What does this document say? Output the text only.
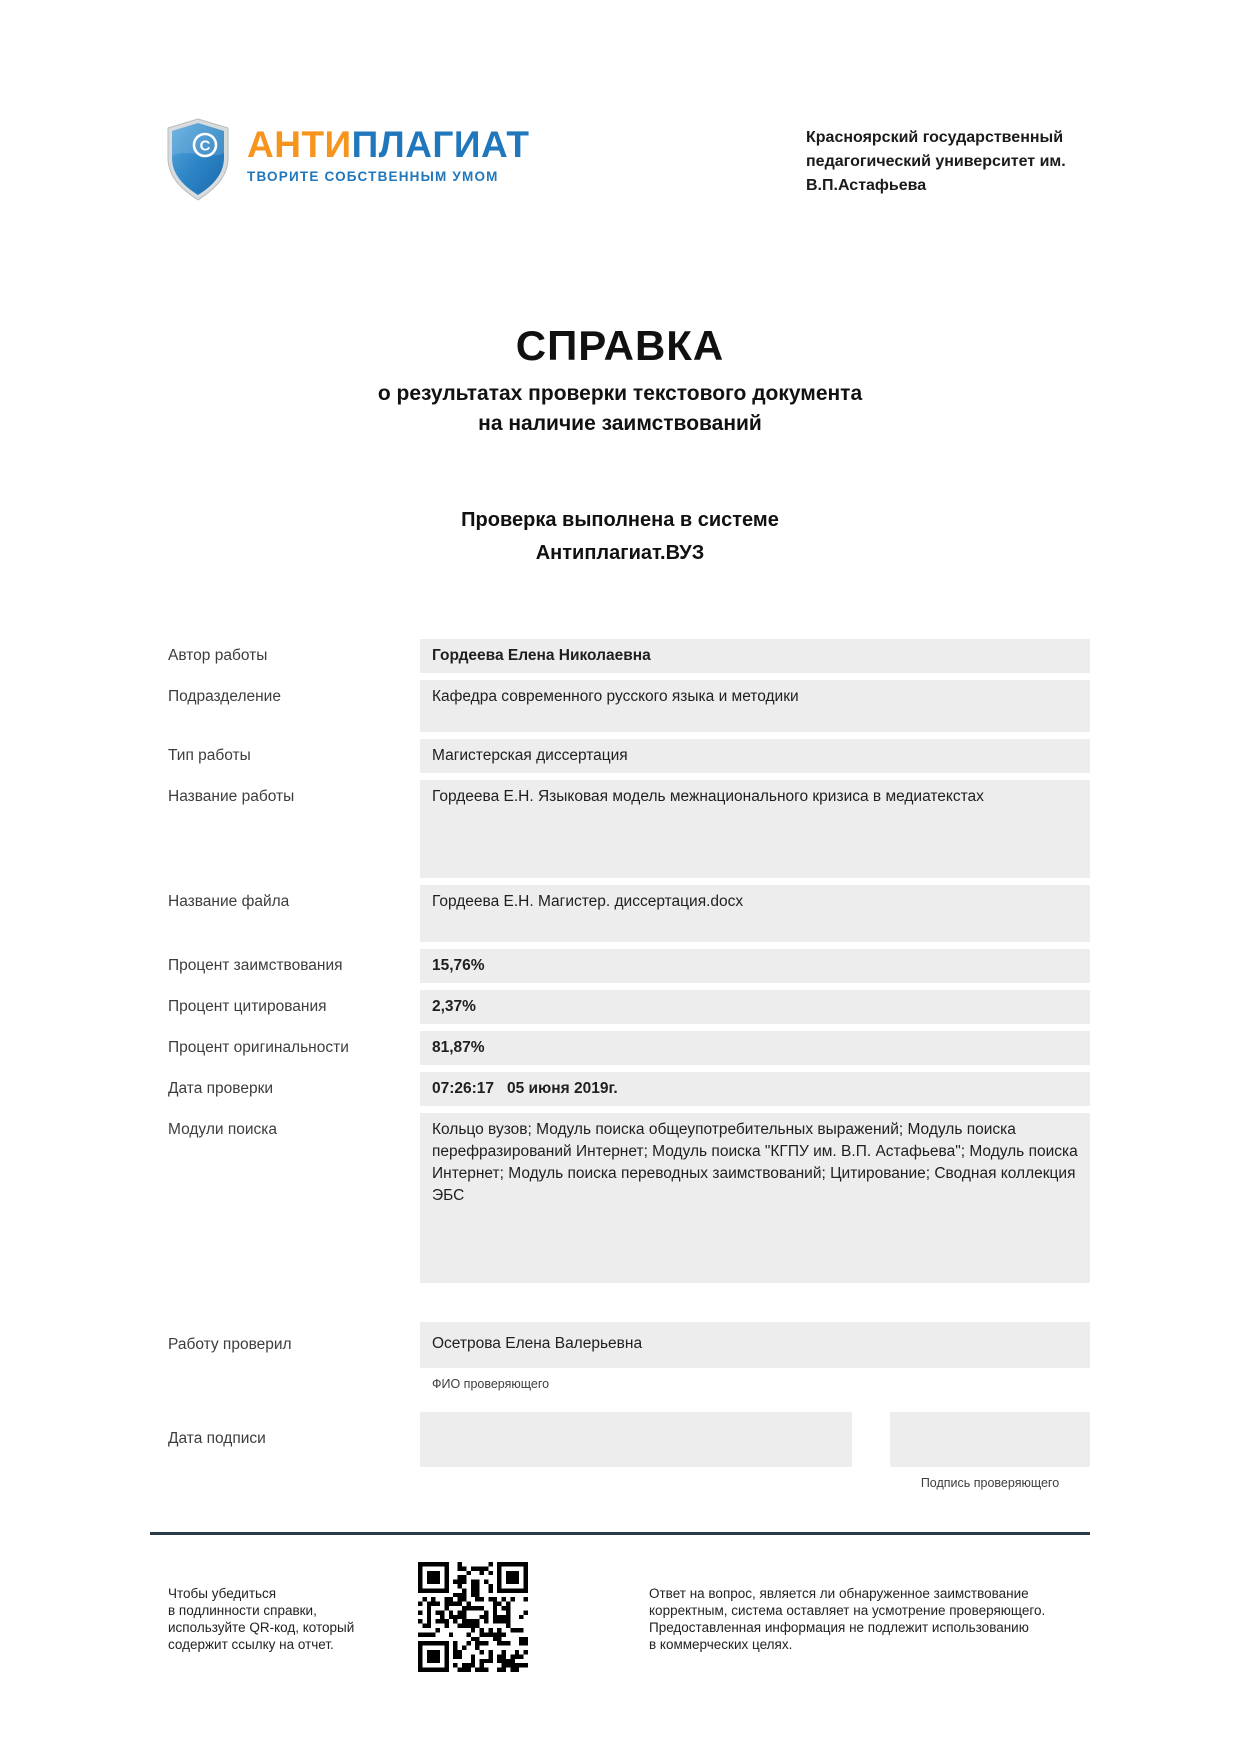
C АНТИПЛАГИАТ
ТВОРИТЕ СОБСТВЕННЫМ УМОМ
Красноярский государственный педагогический университет им. В.П.Астафьева
СПРАВКА
о результатах проверки текстового документа
на наличие заимствований
Проверка выполнена в системе
Антиплагиат.ВУЗ
Автор работы	Гордеева Елена Николаевна
Подразделение	Кафедра современного русского языка и методики
Тип работы	Магистерская диссертация
Название работы	Гордеева Е.Н. Языковая модель межнационального кризиса в медиатекстах
Название файла	Гордеева Е.Н. Магистер. диссертация.docx
Процент заимствования	15,76%
Процент цитирования	2,37%
Процент оригинальности	81,87%
Дата проверки	07:26:17   05 июня 2019г.
Модули поиска	Кольцо вузов; Модуль поиска общеупотребительных выражений; Модуль поиска перефразирований Интернет; Модуль поиска "КГПУ им. В.П. Астафьева"; Модуль поиска Интернет; Модуль поиска переводных заимствований; Цитирование; Сводная коллекция ЭБС
Работу проверил	Осетрова Елена Валерьевна
ФИО проверяющего
Дата подписи
Подпись проверяющего
Чтобы убедиться
в подлинности справки,
используйте QR-код, который
содержит ссылку на отчет.
Ответ на вопрос, является ли обнаруженное заимствование
корректным, система оставляет на усмотрение проверяющего.
Предоставленная информация не подлежит использованию
в коммерческих целях.
